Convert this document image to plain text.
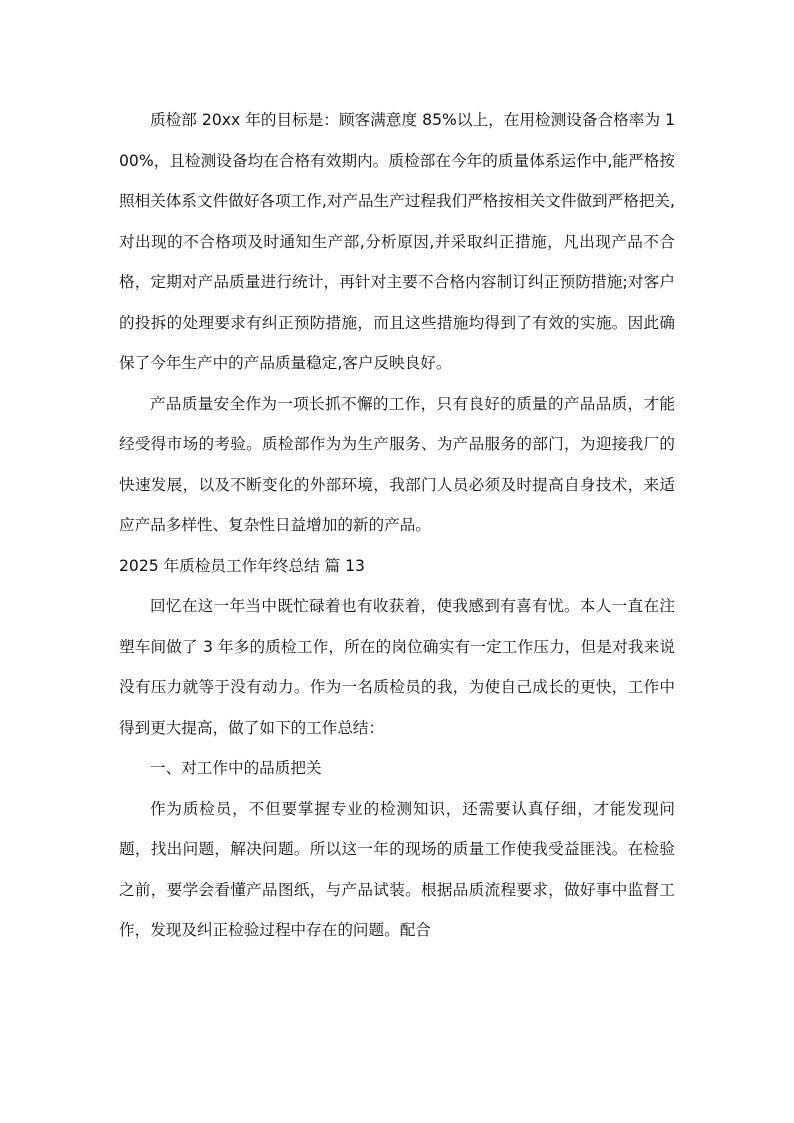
质检部 20xx 年的目标是：顾客满意度 85%以上，在用检测设备合格率为 100%，且检测设备均在合格有效期内。质检部在今年的质量体系运作中,能严格按照相关体系文件做好各项工作,对产品生产过程我们严格按相关文件做到严格把关,对出现的不合格项及时通知生产部,分析原因,并采取纠正措施，凡出现产品不合格，定期对产品质量进行统计，再针对主要不合格内容制订纠正预防措施;对客户的投拆的处理要求有纠正预防措施，而且这些措施均得到了有效的实施。因此确保了今年生产中的产品质量稳定,客户反映良好。

产品质量安全作为一项长抓不懈的工作，只有良好的质量的产品品质，才能经受得市场的考验。质检部作为为生产服务、为产品服务的部门，为迎接我厂的快速发展，以及不断变化的外部环境，我部门人员必须及时提高自身技术，来适应产品多样性、复杂性日益增加的新的产品。

2025 年质检员工作年终总结 篇 13

回忆在这一年当中既忙碌着也有收获着，使我感到有喜有忧。本人一直在注塑车间做了 3 年多的质检工作，所在的岗位确实有一定工作压力，但是对我来说没有压力就等于没有动力。作为一名质检员的我，为使自己成长的更快，工作中得到更大提高，做了如下的工作总结：

一、对工作中的品质把关

作为质检员，不但要掌握专业的检测知识，还需要认真仔细，才能发现问题，找出问题，解决问题。所以这一年的现场的质量工作使我受益匪浅。在检验之前，要学会看懂产品图纸，与产品试装。根据品质流程要求，做好事中监督工作，发现及纠正检验过程中存在的问题。配合
